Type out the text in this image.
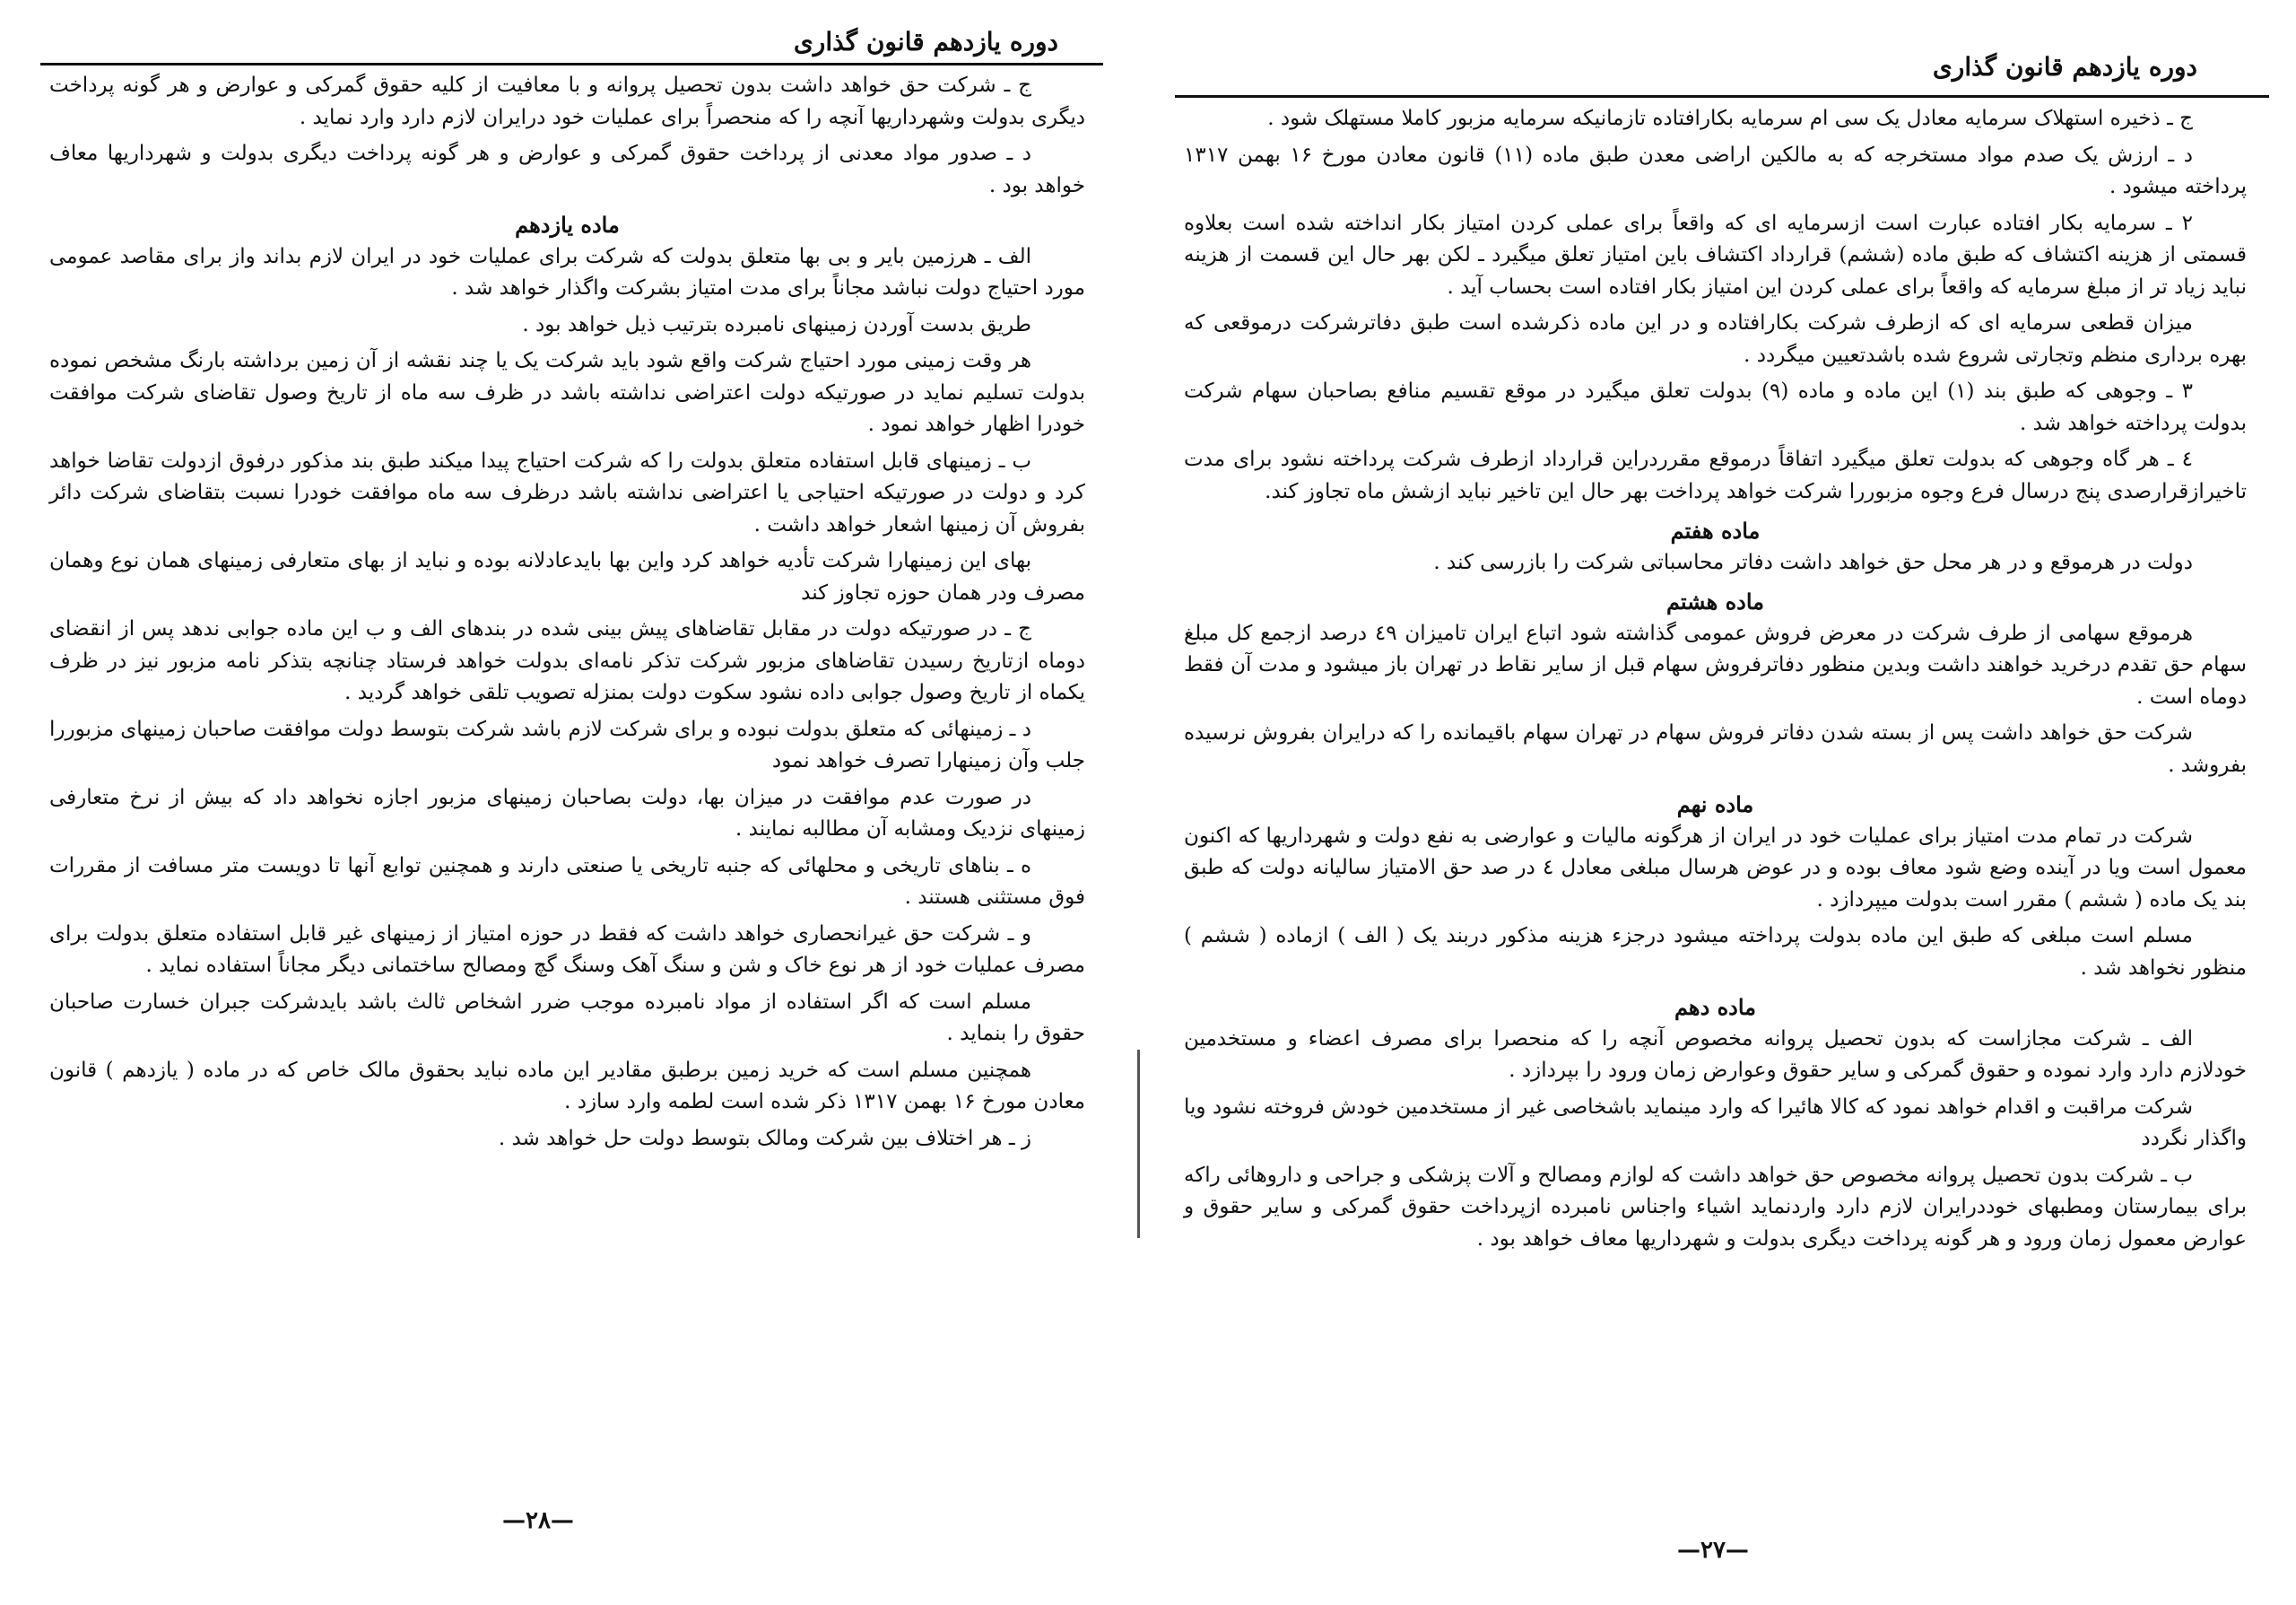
دوره یازدهم قانون گذاری

ج ـ شرکت حق خواهد داشت بدون تحصیل پروانه و با معافیت از کلیه حقوق گمرکی و عوارض و هر گونه پرداخت دیگری بدولت وشهرداریها آنچه را که منحصراً برای عملیات خود درایران لازم دارد وارد نماید .

د ـ صدور مواد معدنی از پرداخت حقوق گمرکی و عوارض و هر گونه پرداخت دیگری بدولت و شهرداریها معاف خواهد بود .

ماده یازدهم

الف ـ هرزمین بایر و بی بها متعلق بدولت که شرکت برای عملیات خود در ایران لازم بداند واز برای مقاصد عمومی مورد احتیاج دولت نباشد مجاناً برای مدت امتیاز بشرکت واگذار خواهد شد .

طریق بدست آوردن زمینهای نامبرده بترتیب ذیل خواهد بود .

هر وقت زمینی مورد احتیاج شرکت واقع شود باید شرکت یک یا چند نقشه از آن زمین برداشته بارنگ مشخص نموده بدولت تسلیم نماید در صورتیکه دولت اعتراضی نداشته باشد در ظرف سه ماه از تاریخ وصول تقاضای شرکت موافقت خودرا اظهار خواهد نمود .

ب ـ زمینهای قابل استفاده متعلق بدولت را که شرکت احتیاج پیدا میکند طبق بند مذکور درفوق ازدولت تقاضا خواهد کرد و دولت در صورتیکه احتیاجی یا اعتراضی نداشته باشد درظرف سه ماه موافقت خودرا نسبت بتقاضای شرکت دائر بفروش آن زمینها اشعار خواهد داشت .

بهای این زمینهارا شرکت تأدیه خواهد کرد واین بها بایدعادلانه بوده و نباید از بهای متعارفی زمینهای همان نوع وهمان مصرف ودر همان حوزه تجاوز کند

ج ـ در صورتیکه دولت در مقابل تقاضاهای پیش بینی شده در بندهای الف و ب این ماده جوابی ندهد پس از انقضای دوماه ازتاریخ رسیدن تقاضاهای مزبور شرکت تذکر نامه‌ای بدولت خواهد فرستاد چنانچه بتذکر نامه مزبور نیز در ظرف یکماه از تاریخ وصول جوابی داده نشود سکوت دولت بمنزله تصویب تلقی خواهد گردید .

د ـ زمینهائی که متعلق بدولت نبوده و برای شرکت لازم باشد شرکت بتوسط دولت موافقت صاحبان زمینهای مزبوررا جلب وآن زمینهارا تصرف خواهد نمود

در صورت عدم موافقت در میزان بها، دولت بصاحبان زمینهای مزبور اجازه نخواهد داد که بیش از نرخ متعارفی زمینهای نزدیک ومشابه آن مطالبه نمایند .

ه ـ بناهای تاریخی و محلهائی که جنبه تاریخی یا صنعتی دارند و همچنین توابع آنها تا دویست متر مسافت از مقررات فوق مستثنی هستند .

و ـ شرکت حق غیرانحصاری خواهد داشت که فقط در حوزه امتیاز از زمینهای غیر قابل استفاده متعلق بدولت برای مصرف عملیات خود از هر نوع خاک و شن و سنگ آهک وسنگ گچ ومصالح ساختمانی دیگر مجاناً استفاده نماید .

مسلم است که اگر استفاده از مواد نامبرده موجب ضرر اشخاص ثالث باشد بایدشرکت جبران خسارت صاحبان حقوق را بنماید .

همچنین مسلم است که خرید زمین برطبق مقادیر این ماده نباید بحقوق مالک خاص که در ماده ( یازدهم ) قانون معادن مورخ ۱۶ بهمن ۱۳۱۷ ذکر شده است لطمه وارد سازد .

ز ـ هر اختلاف بین شرکت ومالک بتوسط دولت حل خواهد شد .

—۲۸—
دوره یازدهم قانون گذاری

ج ـ ذخیره استهلاک سرمایه معادل یک سی ام سرمایه بکارافتاده تازمانیکه سرمایه مزبور کاملا مستهلک شود .

د ـ ارزش یک صدم مواد مستخرجه که به مالکین اراضی معدن طبق ماده (۱۱) قانون معادن مورخ ۱۶ بهمن ۱۳۱۷ پرداخته میشود .

۲ ـ سرمایه بکار افتاده عبارت است ازسرمایه ای که واقعاً برای عملی کردن امتیاز بکار انداخته شده است بعلاوه قسمتی از هزینه اکتشاف که طبق ماده (ششم) قرارداد اکتشاف باین امتیاز تعلق میگیرد ـ لکن بهر حال این قسمت از هزینه نباید زیاد تر از مبلغ سرمایه که واقعاً برای عملی کردن این امتیاز بکار افتاده است بحساب آید .

میزان قطعی سرمایه ای که ازطرف شرکت بکارافتاده و در این ماده ذکرشده است طبق دفاترشرکت درموقعی که بهره برداری منظم وتجارتی شروع شده باشدتعیین میگردد .

۳ ـ وجوهی که طبق بند (۱) این ماده و ماده (۹) بدولت تعلق میگیرد در موقع تقسیم منافع بصاحبان سهام شرکت بدولت پرداخته خواهد شد .

٤ ـ هر گاه وجوهی که بدولت تعلق میگیرد اتفاقاً درموقع مقرردراین قرارداد ازطرف شرکت پرداخته نشود برای مدت تاخیرازقرارصدی پنج درسال فرع وجوه مزبوررا شرکت خواهد پرداخت بهر حال این تاخیر نباید ازشش ماه تجاوز کند.

ماده هفتم

دولت در هرموقع و در هر محل حق خواهد داشت دفاتر محاسباتی شرکت را بازرسی کند .

ماده هشتم

هرموقع سهامی از طرف شرکت در معرض فروش عمومی گذاشته شود اتباع ایران تامیزان ٤۹ درصد ازجمع کل مبلغ سهام حق تقدم درخرید خواهند داشت وبدین منظور دفاترفروش سهام قبل از سایر نقاط در تهران باز میشود و مدت آن فقط دوماه است .

شرکت حق خواهد داشت پس از بسته شدن دفاتر فروش سهام در تهران سهام باقیمانده را که درایران بفروش نرسیده بفروشد .

ماده نهم

شرکت در تمام مدت امتیاز برای عملیات خود در ایران از هرگونه مالیات و عوارضی به نفع دولت و شهرداریها که اکنون معمول است ویا در آینده وضع شود معاف بوده و در عوض هرسال مبلغی معادل ٤ در صد حق الامتیاز سالیانه دولت که طبق بند یک ماده ( ششم ) مقرر است بدولت میپردازد .

مسلم است مبلغی که طبق این ماده بدولت پرداخته میشود درجزء هزینه مذکور دربند یک ( الف ) ازماده ( ششم ) منظور نخواهد شد .

ماده دهم

الف ـ شرکت مجازاست که بدون تحصیل پروانه مخصوص آنچه را که منحصرا برای مصرف اعضاء و مستخدمین خودلازم دارد وارد نموده و حقوق گمرکی و سایر حقوق وعوارض زمان ورود را بپردازد .

شرکت مراقبت و اقدام خواهد نمود که کالا هائیرا که وارد مینماید باشخاصی غیر از مستخدمین خودش فروخته نشود ویا واگذار نگردد

ب ـ شرکت بدون تحصیل پروانه مخصوص حق خواهد داشت که لوازم ومصالح و آلات پزشکی و جراحی و داروهائی راکه برای بیمارستان ومطبهای خوددرایران لازم دارد واردنماید اشیاء واجناس نامبرده ازپرداخت حقوق گمرکی و سایر حقوق و عوارض معمول زمان ورود و هر گونه پرداخت دیگری بدولت و شهرداریها معاف خواهد بود .

—۲۷—
